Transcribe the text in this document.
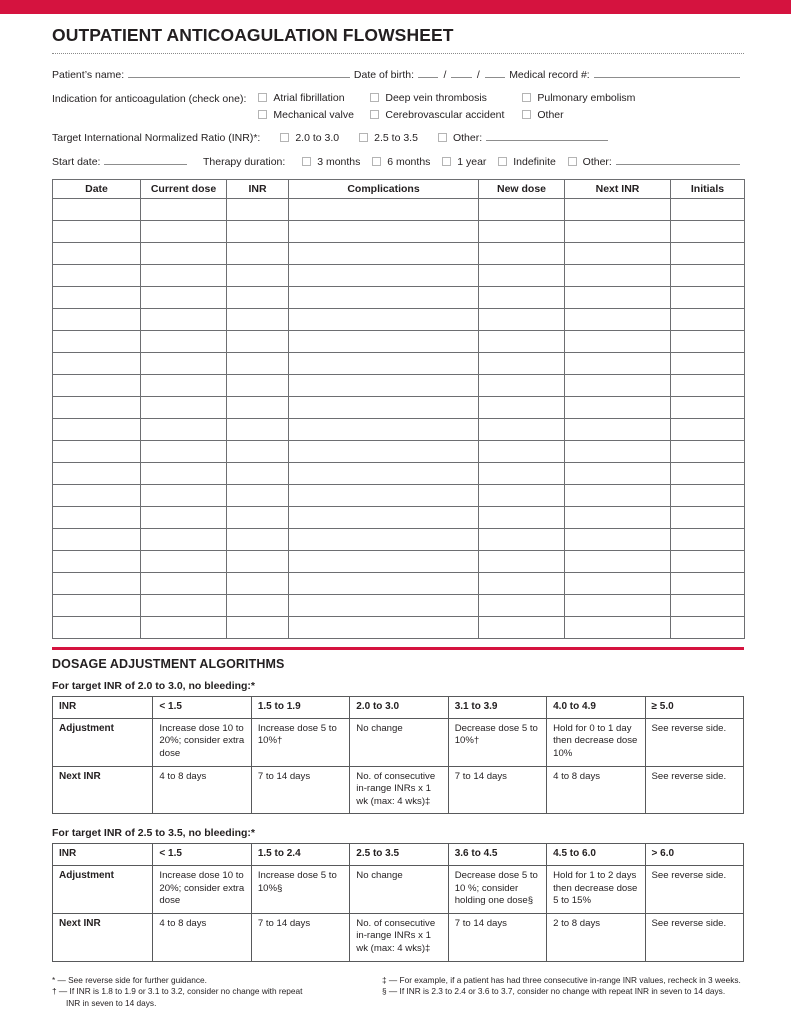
OUTPATIENT ANTICOAGULATION FLOWSHEET
Patient’s name:	Date of birth:	/	/	Medical record #:
Indication for anticoagulation (check one):	Atrial fibrillation	Deep vein thrombosis	Pulmonary embolism
Mechanical valve	Cerebrovascular accident	Other
Target International Normalized Ratio (INR)*:	2.0 to 3.0	2.5 to 3.5	Other:
Start date:	Therapy duration:	3 months	6 months	1 year	Indefinite	Other:
Date	Current dose	INR	Complications	New dose	Next INR	Initials

DOSAGE ADJUSTMENT ALGORITHMS
For target INR of 2.0 to 3.0, no bleeding:*
INR	< 1.5	1.5 to 1.9	2.0 to 3.0	3.1 to 3.9	4.0 to 4.9	≥ 5.0
Adjustment	Increase dose 10 to 20%; consider extra dose	Increase dose 5 to 10%†	No change	Decrease dose 5 to 10%†	Hold for 0 to 1 day then decrease dose 10%	See reverse side.
Next INR	4 to 8 days	7 to 14 days	No. of consecutive in-range INRs x 1 wk (max: 4 wks)‡	7 to 14 days	4 to 8 days	See reverse side.
For target INR of 2.5 to 3.5, no bleeding:*
INR	< 1.5	1.5 to 2.4	2.5 to 3.5	3.6 to 4.5	4.5 to 6.0	> 6.0
Adjustment	Increase dose 10 to 20%; consider extra dose	Increase dose 5 to 10%§	No change	Decrease dose 5 to 10 %; consider holding one dose§	Hold for 1 to 2 days then decrease dose 5 to 15%	See reverse side.
Next INR	4 to 8 days	7 to 14 days	No. of consecutive in-range INRs x 1 wk (max: 4 wks)‡	7 to 14 days	2 to 8 days	See reverse side.
* — See reverse side for further guidance.
† — If INR is 1.8 to 1.9 or 3.1 to 3.2, consider no change with repeat
INR in seven to 14 days.
‡ — For example, if a patient has had three consecutive in-range INR values, recheck in 3 weeks.
§ — If INR is 2.3 to 2.4 or 3.6 to 3.7, consider no change with repeat INR in seven to 14 days.
